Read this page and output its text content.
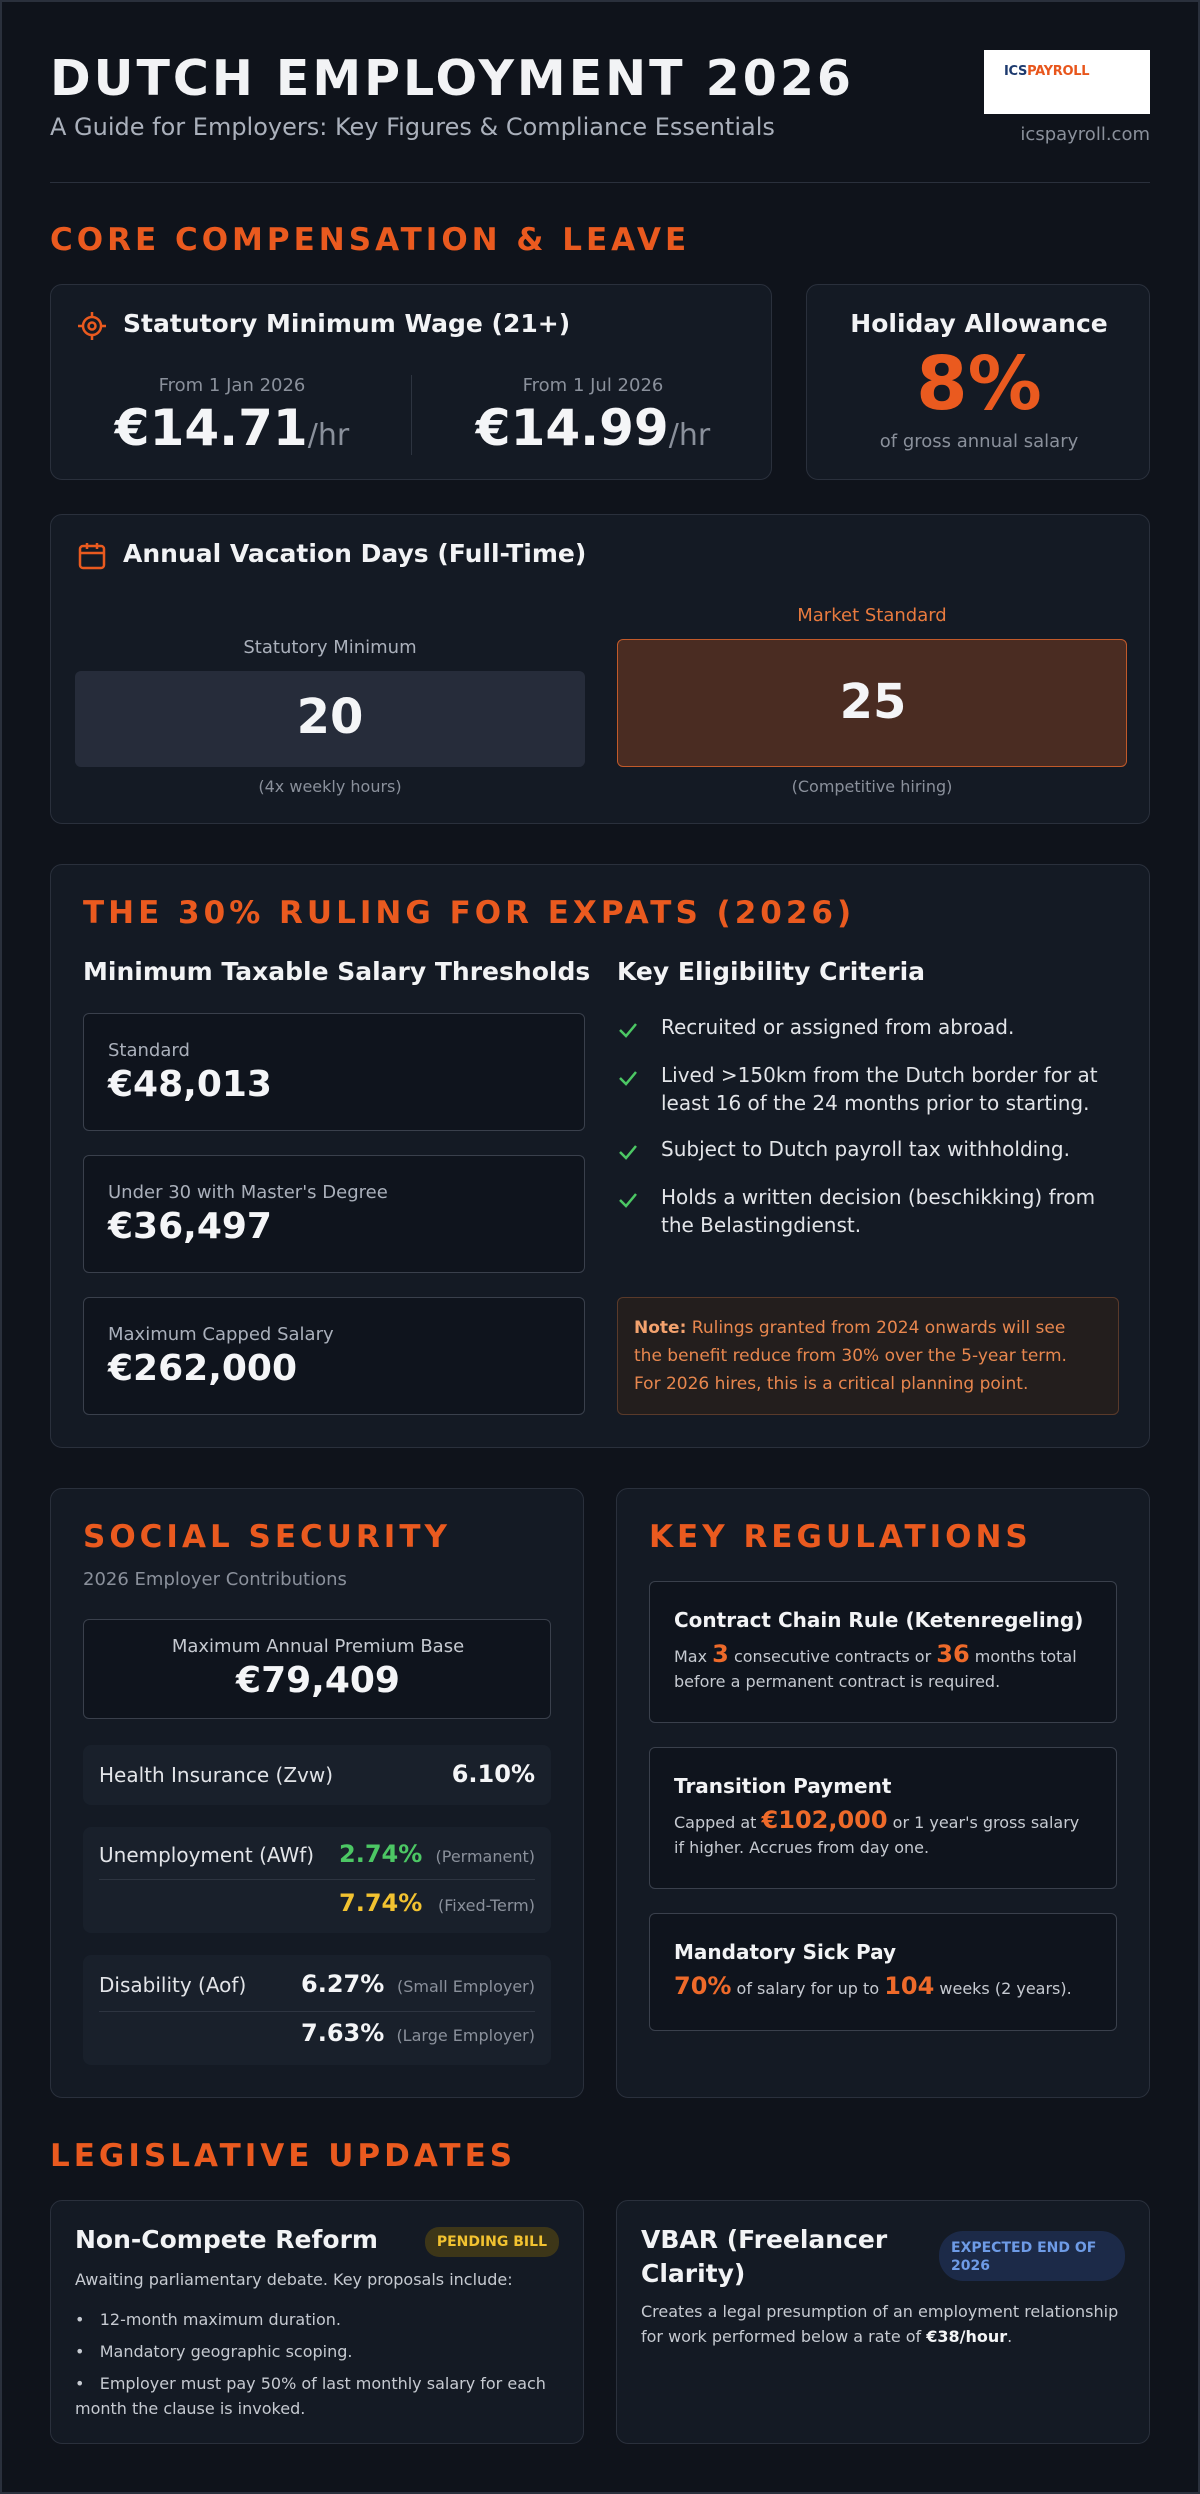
DUTCH EMPLOYMENT 2026
A Guide for Employers: Key Figures & Compliance Essentials
ICSPAYROLL
icspayroll.com
CORE COMPENSATION & LEAVE
Statutory Minimum Wage (21+)
From 1 Jan 2026
€14.71/hr
From 1 Jul 2026
€14.99/hr
Holiday Allowance
8%
of gross annual salary
Annual Vacation Days (Full-Time)
Statutory Minimum
20
(4x weekly hours)
Market Standard
25
(Competitive hiring)
THE 30% RULING FOR EXPATS (2026)
Minimum Taxable Salary Thresholds
Standard
€48,013
Under 30 with Master's Degree
€36,497
Maximum Capped Salary
€262,000
Key Eligibility Criteria
Recruited or assigned from abroad.
Lived >150km from the Dutch border for at
least 16 of the 24 months prior to starting.
Subject to Dutch payroll tax withholding.
Holds a written decision (beschikking) from
the Belastingdienst.
Note: Rulings granted from 2024 onwards will see
the benefit reduce from 30% over the 5-year term.
For 2026 hires, this is a critical planning point.
SOCIAL SECURITY
2026 Employer Contributions
Maximum Annual Premium Base
€79,409
Health Insurance (Zvw)	6.10%
Unemployment (AWf) 2.74% (Permanent)
7.74% (Fixed-Term)
Disability (Aof) 6.27% (Small Employer)
7.63% (Large Employer)
KEY REGULATIONS
Contract Chain Rule (Ketenregeling)
Max 3 consecutive contracts or 36 months total
before a permanent contract is required.
Transition Payment
Capped at €102,000 or 1 year's gross salary
if higher. Accrues from day one.
Mandatory Sick Pay
70% of salary for up to 104 weeks (2 years).
LEGISLATIVE UPDATES
Non-Compete Reform	PENDING BILL
Awaiting parliamentary debate. Key proposals include:
•   12-month maximum duration.
•   Mandatory geographic scoping.
•   Employer must pay 50% of last monthly salary for each
month the clause is invoked.
VBAR (Freelancer
Clarity)
EXPECTED END OF
2026
Creates a legal presumption of an employment relationship
for work performed below a rate of €38/hour.
